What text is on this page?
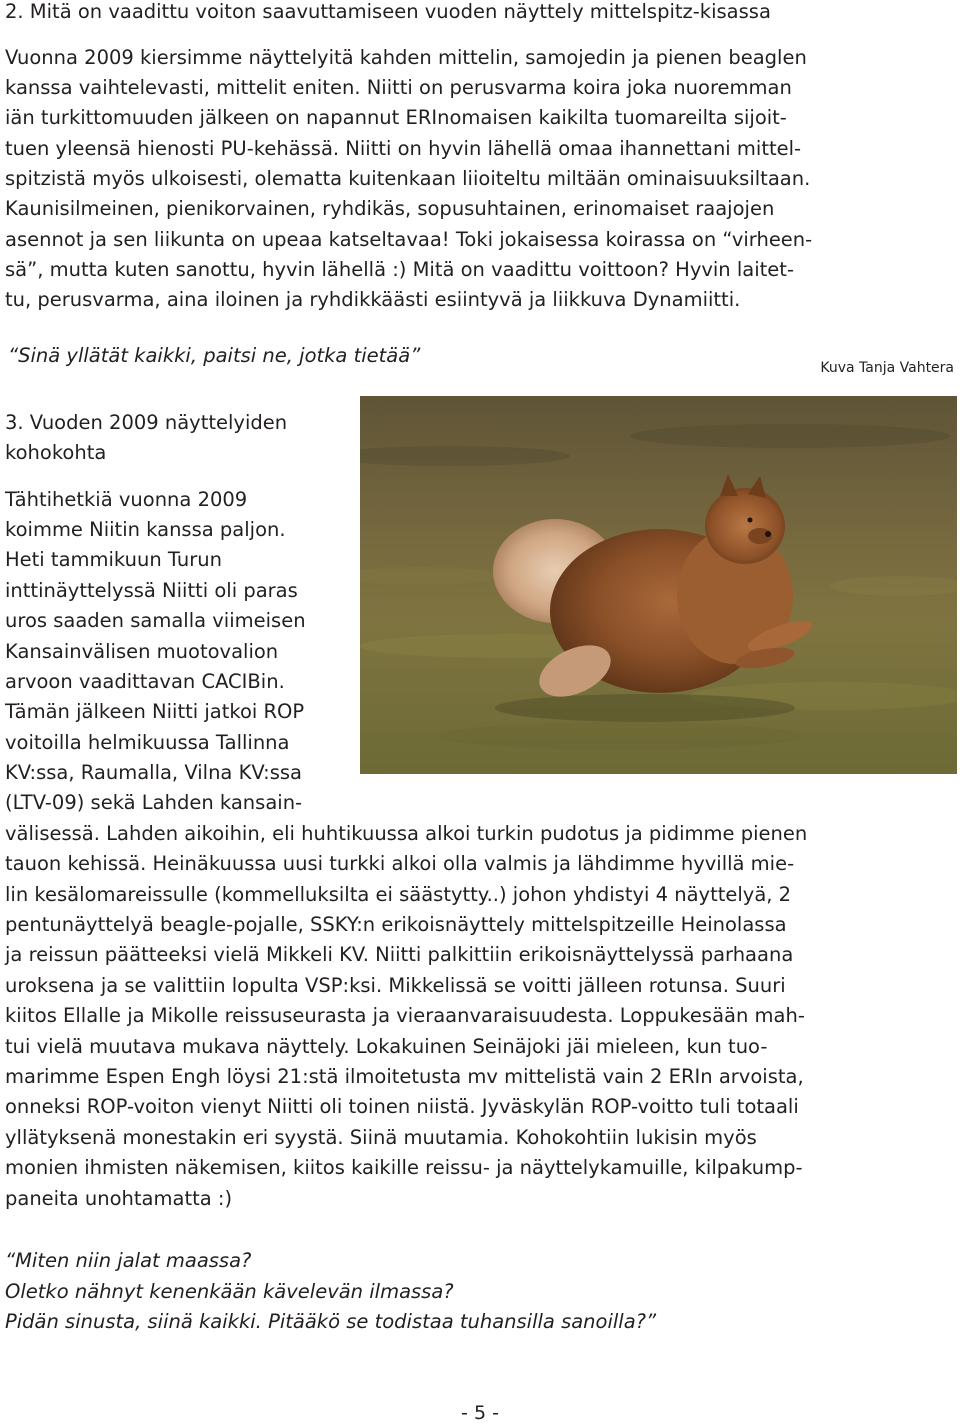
2. Mitä on vaadittu voiton saavuttamiseen vuoden näyttely mittelspitz-kisassa
Vuonna 2009 kiersimme näyttelyitä kahden mittelin, samojedin ja pienen beaglen
kanssa vaihtelevasti, mittelit eniten. Niitti on perusvarma koira joka nuoremman
iän turkittomuuden jälkeen on napannut ERInomaisen kaikilta tuomareilta sijoit-
tuen yleensä hienosti PU-kehässä. Niitti on hyvin lähellä omaa ihannettani mittel-
spitzistä myös ulkoisesti, olematta kuitenkaan liioiteltu miltään ominaisuuksiltaan.
Kaunisilmeinen, pienikorvainen, ryhdikäs, sopusuhtainen, erinomaiset raajojen
asennot ja sen liikunta on upeaa katseltavaa! Toki jokaisessa koirassa on “virheen-
sä”, mutta kuten sanottu, hyvin lähellä :) Mitä on vaadittu voittoon? Hyvin laitet-
tu, perusvarma, aina iloinen ja ryhdikkäästi esiintyvä ja liikkuva Dynamiitti.
“Sinä yllätät kaikki, paitsi ne, jotka tietää”
Kuva Tanja Vahtera
3. Vuoden 2009 näyttelyiden
kohokohta
Tähtihetkiä vuonna 2009
koimme Niitin kanssa paljon.
Heti tammikuun Turun
inttinäyttelyssä Niitti oli paras
uros saaden samalla viimeisen
Kansainvälisen muotovalion
arvoon vaadittavan CACIBin.
Tämän jälkeen Niitti jatkoi ROP
voitoilla helmikuussa Tallinna
KV:ssa, Raumalla, Vilna KV:ssa
(LTV-09) sekä Lahden kansain-
välisessä. Lahden aikoihin, eli huhtikuussa alkoi turkin pudotus ja pidimme pienen
tauon kehissä. Heinäkuussa uusi turkki alkoi olla valmis ja lähdimme hyvillä mie-
lin kesälomareissulle (kommelluksilta ei säästytty..) johon yhdistyi 4 näyttelyä, 2
pentunäyttelyä beagle-pojalle, SSKY:n erikoisnäyttely mittelspitzeille Heinolassa
ja reissun päätteeksi vielä Mikkeli KV. Niitti palkittiin erikoisnäyttelyssä parhaana
uroksena ja se valittiin lopulta VSP:ksi. Mikkelissä se voitti jälleen rotunsa. Suuri
kiitos Ellalle ja Mikolle reissuseurasta ja vieraanvaraisuudesta. Loppukesään mah-
tui vielä muutava mukava näyttely. Lokakuinen Seinäjoki jäi mieleen, kun tuo-
marimme Espen Engh löysi 21:stä ilmoitetusta mv mittelistä vain 2 ERIn arvoista,
onneksi ROP-voiton vienyt Niitti oli toinen niistä. Jyväskylän ROP-voitto tuli totaali
yllätyksenä monestakin eri syystä. Siinä muutamia. Kohokohtiin lukisin myös
monien ihmisten näkemisen, kiitos kaikille reissu- ja näyttelykamuille, kilpakump-
paneita unohtamatta :)
“Miten niin jalat maassa?
Oletko nähnyt kenenkään kävelevän ilmassa?
Pidän sinusta, siinä kaikki. Pitääkö se todistaa tuhansilla sanoilla?”
- 5 -
